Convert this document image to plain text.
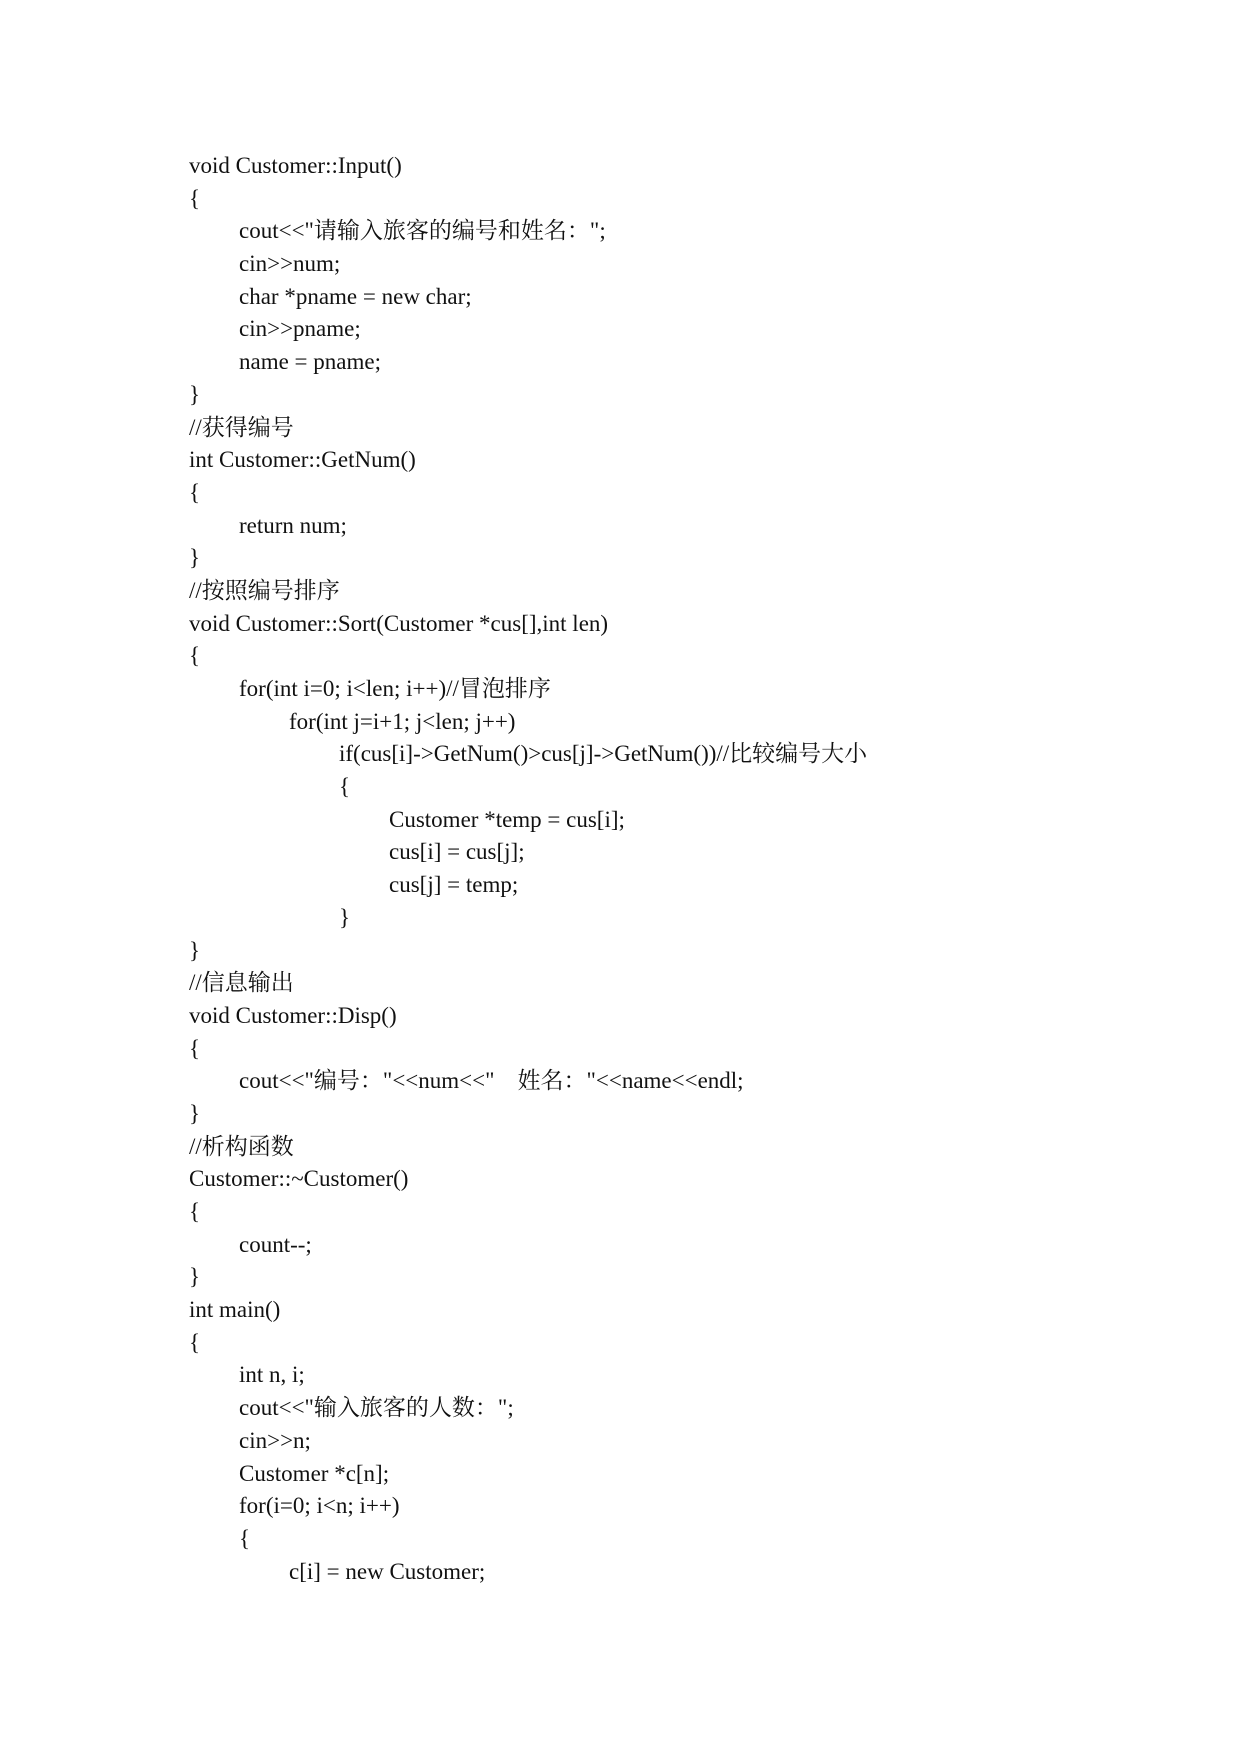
void Customer::Input()
{
cout<<"请输入旅客的编号和姓名：";
cin>>num;
char *pname = new char;
cin>>pname;
name = pname;
}
//获得编号
int Customer::GetNum()
{
return num;
}
//按照编号排序
void Customer::Sort(Customer *cus[],int len)
{
for(int i=0; i<len; i++)//冒泡排序
for(int j=i+1; j<len; j++)
if(cus[i]->GetNum()>cus[j]->GetNum())//比较编号大小
{
Customer *temp = cus[i];
cus[i] = cus[j];
cus[j] = temp;
}
}
//信息输出
void Customer::Disp()
{
cout<<"编号："<<num<<"    姓名："<<name<<endl;
}
//析构函数
Customer::~Customer()
{
count--;
}
int main()
{
int n, i;
cout<<"输入旅客的人数：";
cin>>n;
Customer *c[n];
for(i=0; i<n; i++)
{
c[i] = new Customer;
